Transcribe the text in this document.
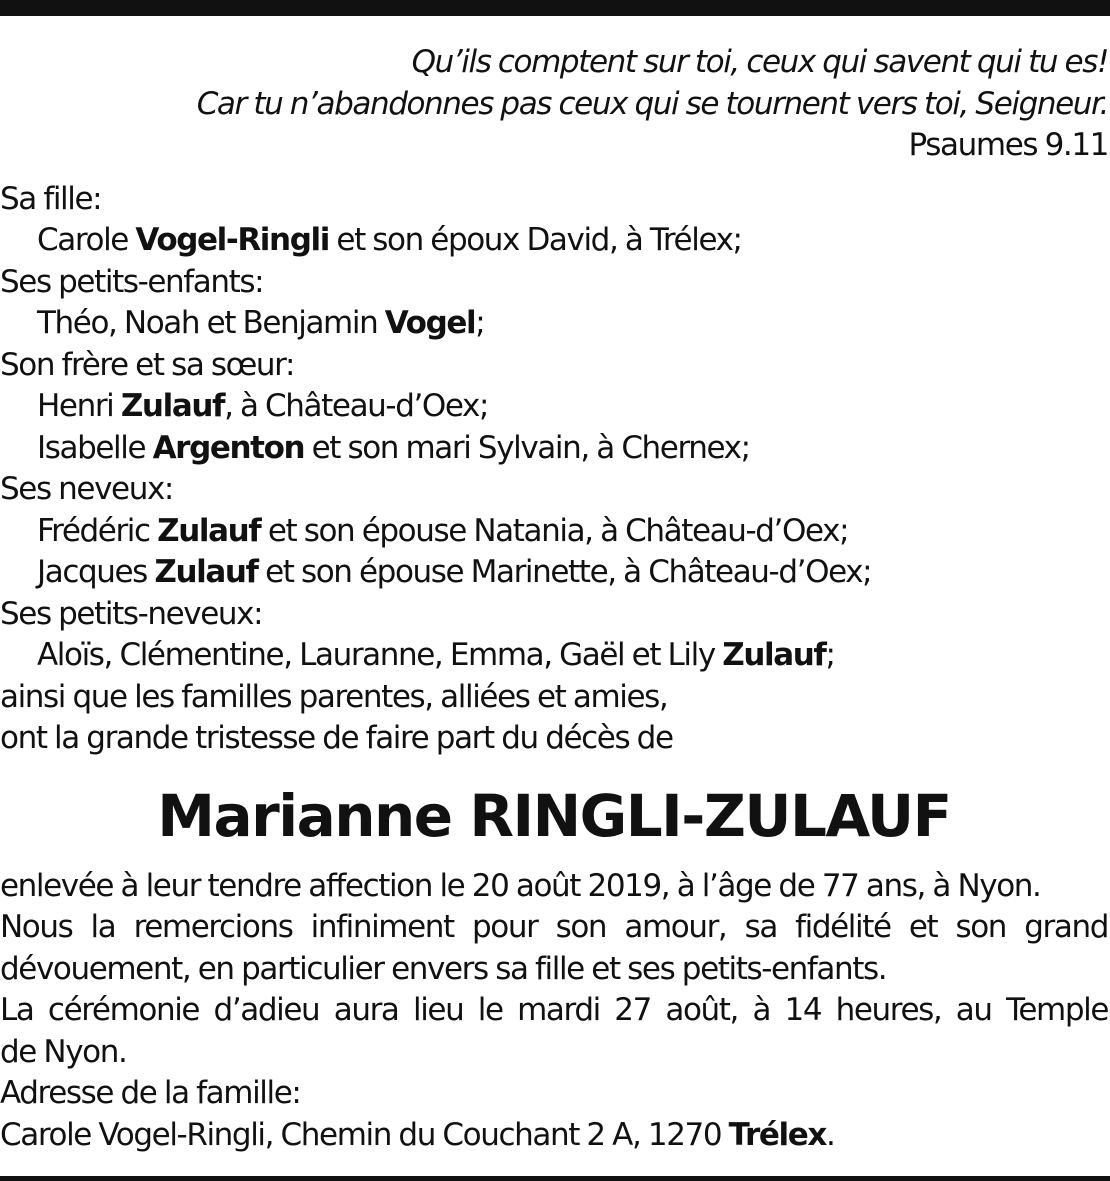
Qu’ils comptent sur toi, ceux qui savent qui tu es!
Car tu n’abandonnes pas ceux qui se tournent vers toi, Seigneur.
Psaumes 9.11
Sa fille:
Carole Vogel-Ringli et son époux David, à Trélex;
Ses petits-enfants:
Théo, Noah et Benjamin Vogel;
Son frère et sa sœur:
Henri Zulauf, à Château-d’Oex;
Isabelle Argenton et son mari Sylvain, à Chernex;
Ses neveux:
Frédéric Zulauf et son épouse Natania, à Château-d’Oex;
Jacques Zulauf et son épouse Marinette, à Château-d’Oex;
Ses petits-neveux:
Aloïs, Clémentine, Lauranne, Emma, Gaël et Lily Zulauf;
ainsi que les familles parentes, alliées et amies,
ont la grande tristesse de faire part du décès de
Marianne RINGLI-ZULAUF
enlevée à leur tendre affection le 20 août 2019, à l’âge de 77 ans, à Nyon.
Nous la remercions infiniment pour son amour, sa fidélité et son grand
dévouement, en particulier envers sa fille et ses petits-enfants.
La cérémonie d’adieu aura lieu le mardi 27 août, à 14 heures, au Temple
de Nyon.
Adresse de la famille:
Carole Vogel-Ringli, Chemin du Couchant 2 A, 1270 Trélex.
